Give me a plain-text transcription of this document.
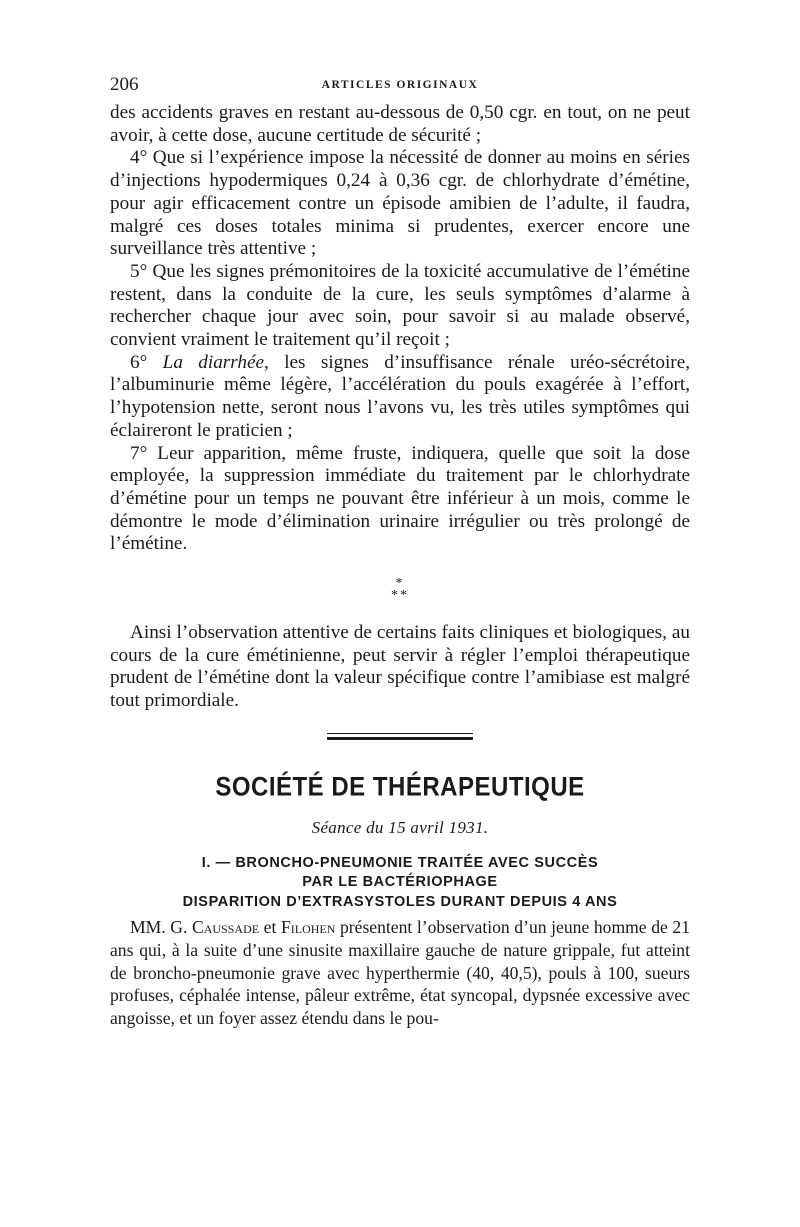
206	ARTICLES ORIGINAUX

des accidents graves en restant au-dessous de 0,50 cgr. en tout, on ne peut avoir, à cette dose, aucune certitude de sécurité ;

4° Que si l’expérience impose la nécessité de donner au moins en séries d’injections hypodermiques 0,24 à 0,36 cgr. de chlorhydrate d’émétine, pour agir efficacement contre un épisode amibien de l’adulte, il faudra, malgré ces doses totales minima si prudentes, exercer encore une surveillance très attentive ;

5° Que les signes prémonitoires de la toxicité accumulative de l’émétine restent, dans la conduite de la cure, les seuls symptômes d’alarme à rechercher chaque jour avec soin, pour savoir si au malade observé, convient vraiment le traitement qu’il reçoit ;

6° La diarrhée, les signes d’insuffisance rénale uréo-sécrétoire, l’albuminurie même légère, l’accélération du pouls exagérée à l’effort, l’hypotension nette, seront nous l’avons vu, les très utiles symptômes qui éclaireront le praticien ;

7° Leur apparition, même fruste, indiquera, quelle que soit la dose employée, la suppression immédiate du traitement par le chlorhydrate d’émétine pour un temps ne pouvant être inférieur à un mois, comme le démontre le mode d’élimination urinaire irrégulier ou très prolongé de l’émétine.

*
**

Ainsi l’observation attentive de certains faits cliniques et biologiques, au cours de la cure émétinienne, peut servir à régler l’emploi thérapeutique prudent de l’émétine dont la valeur spécifique contre l’amibiase est malgré tout primordiale.

SOCIÉTÉ DE THÉRAPEUTIQUE
Séance du 15 avril 1931.
I. — BRONCHO-PNEUMONIE TRAITÉE AVEC SUCCÈS
PAR LE BACTÉRIOPHAGE
DISPARITION D’EXTRASYSTOLES DURANT DEPUIS 4 ANS

MM. G. Caussade et Filohen présentent l’observation d’un jeune homme de 21 ans qui, à la suite d’une sinusite maxillaire gauche de nature grippale, fut atteint de broncho-pneumonie grave avec hyperthermie (40, 40,5), pouls à 100, sueurs profuses, céphalée intense, pâleur extrême, état syncopal, dypsnée excessive avec angoisse, et un foyer assez étendu dans le pou-
